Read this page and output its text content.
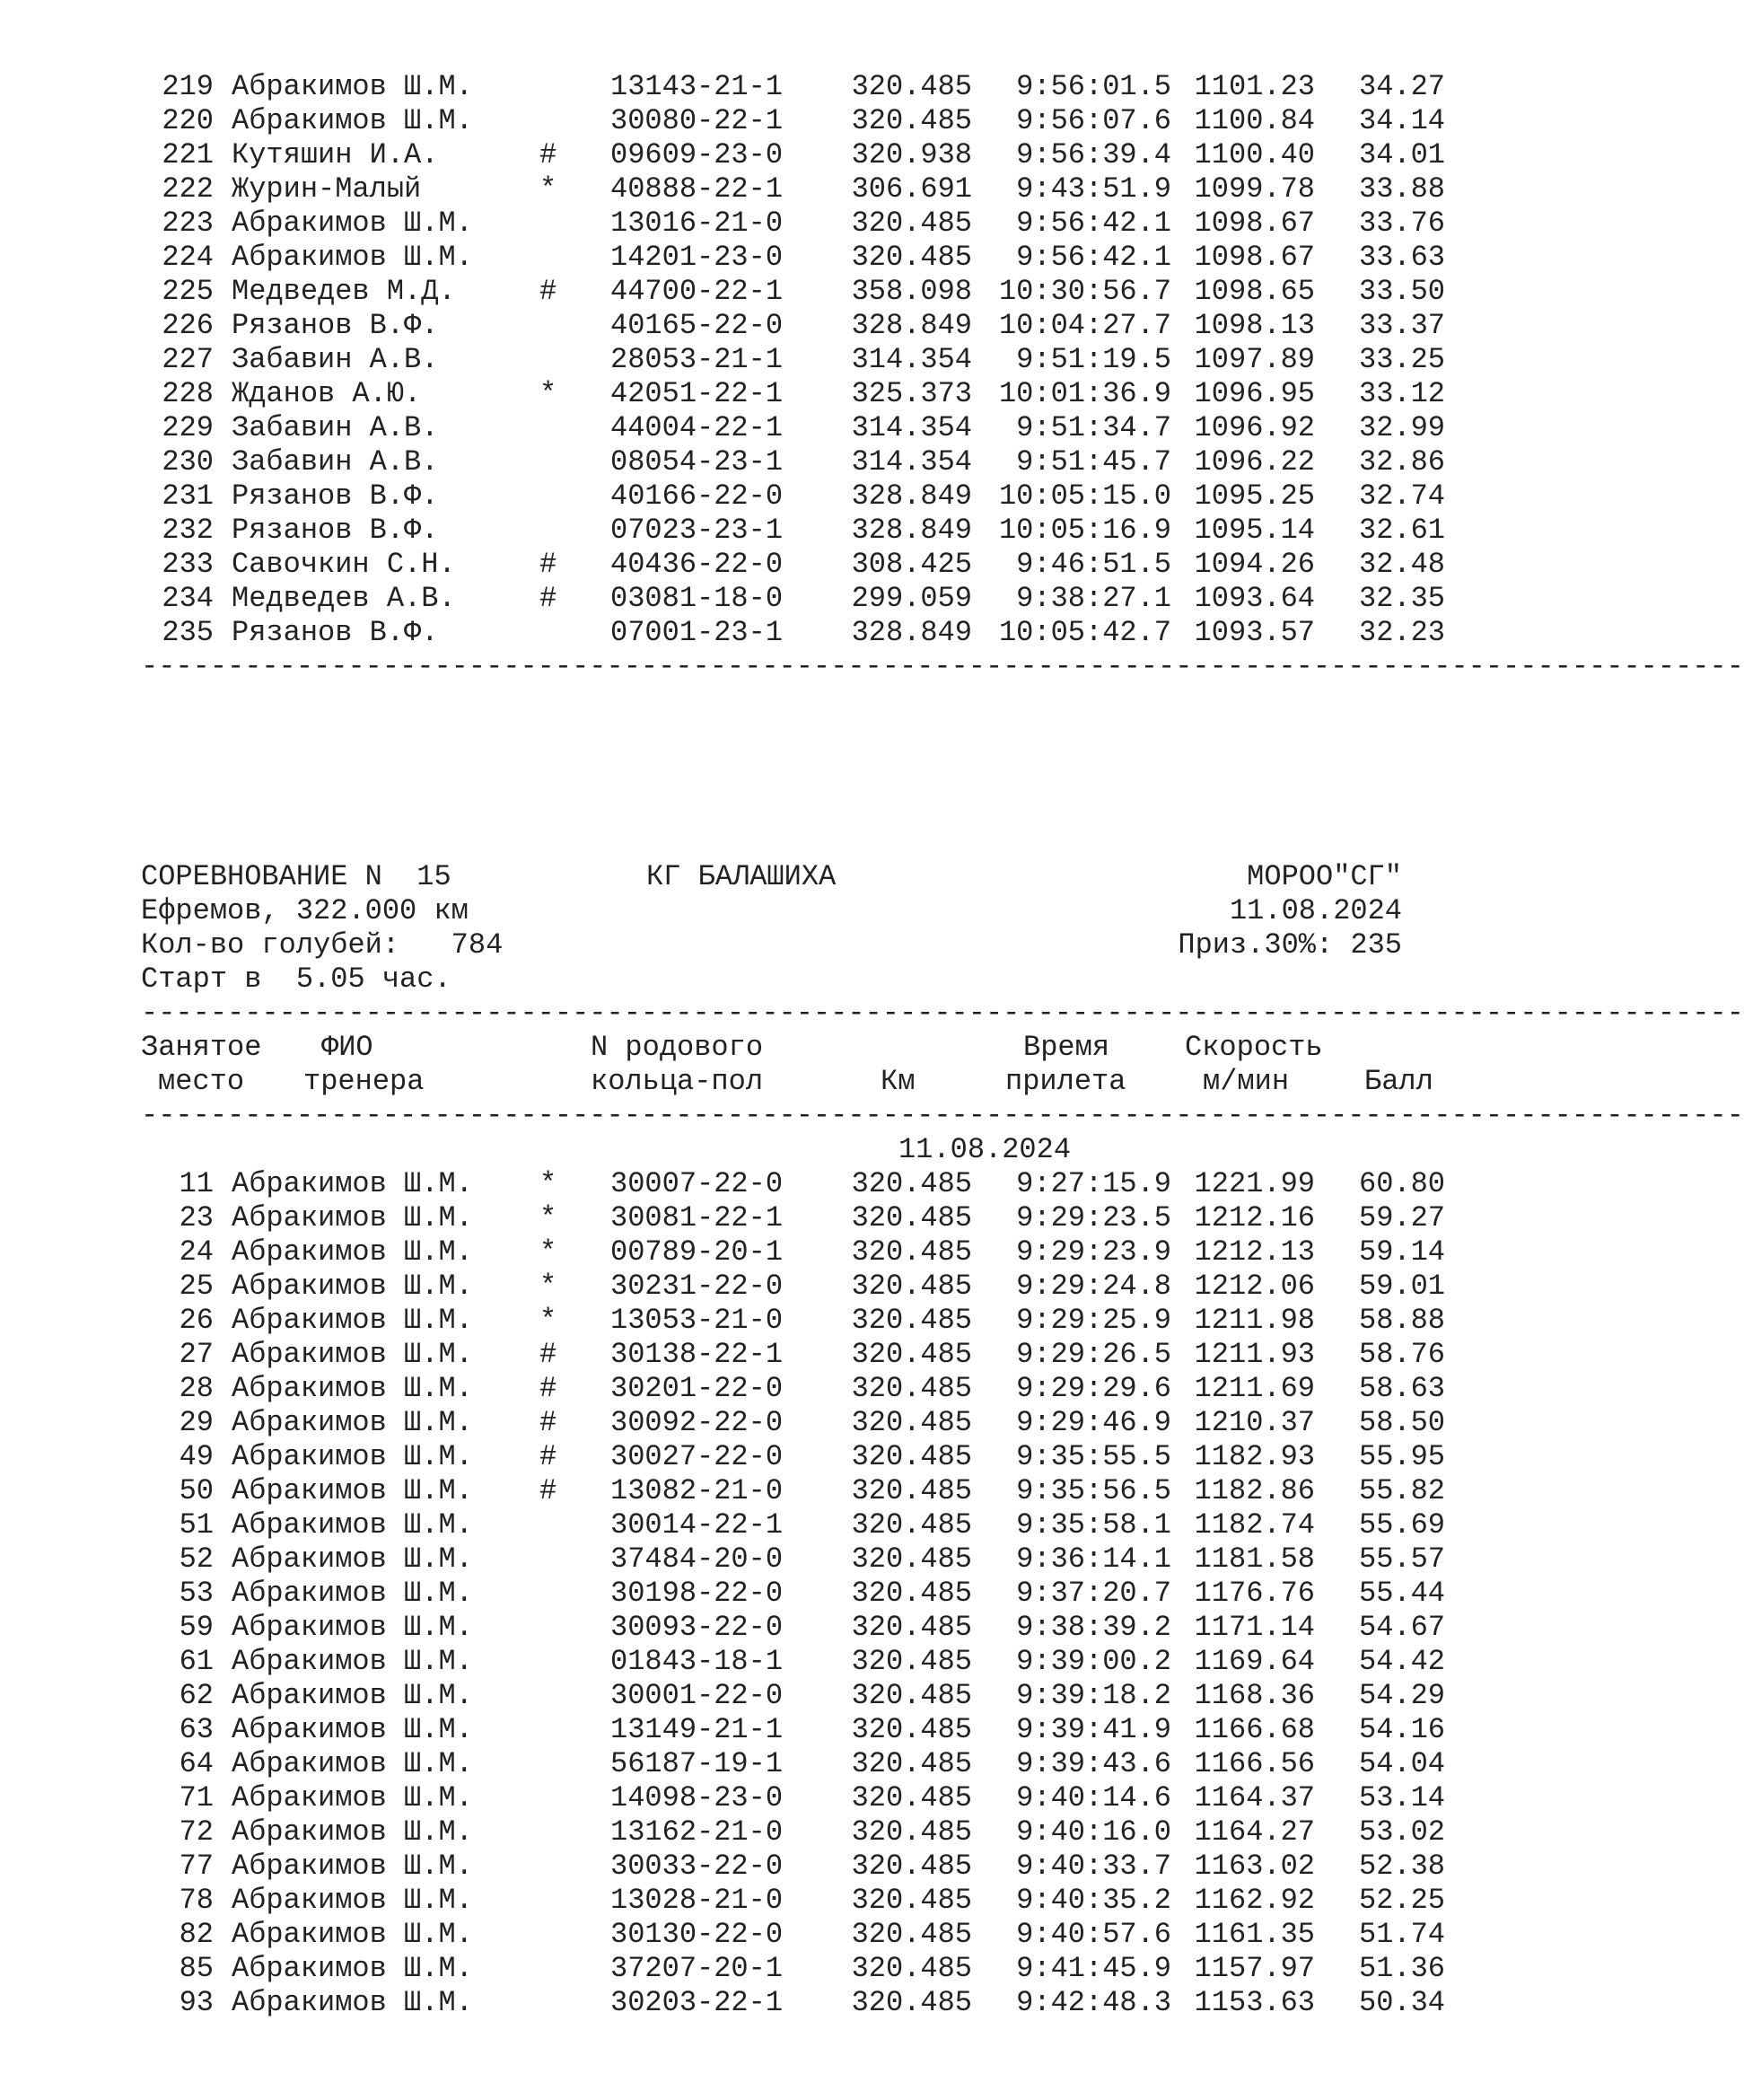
219 Абракимов Ш.М.	13143-21-1 320.485 9:56:01.5 1101.23 34.27
220 Абракимов Ш.М.	30080-22-1 320.485 9:56:07.6 1100.84 34.14
221 Кутяшин И.А.	# 09609-23-0 320.938 9:56:39.4 1100.40 34.01
222 Журин-Малый	* 40888-22-1 306.691 9:43:51.9 1099.78 33.88
223 Абракимов Ш.М.	13016-21-0 320.485 9:56:42.1 1098.67 33.76
224 Абракимов Ш.М.	14201-23-0 320.485 9:56:42.1 1098.67 33.63
225 Медведев М.Д.	# 44700-22-1 358.098 10:30:56.7 1098.65 33.50
226 Рязанов В.Ф.	40165-22-0 328.849 10:04:27.7 1098.13 33.37
227 Забавин А.В.	28053-21-1 314.354 9:51:19.5 1097.89 33.25
228 Жданов А.Ю.	* 42051-22-1 325.373 10:01:36.9 1096.95 33.12
229 Забавин А.В.	44004-22-1 314.354 9:51:34.7 1096.92 32.99
230 Забавин А.В.	08054-23-1 314.354 9:51:45.7 1096.22 32.86
231 Рязанов В.Ф.	40166-22-0 328.849 10:05:15.0 1095.25 32.74
232 Рязанов В.Ф.	07023-23-1 328.849 10:05:16.9 1095.14 32.61
233 Савочкин С.Н.	# 40436-22-0 308.425 9:46:51.5 1094.26 32.48
234 Медведев А.В.	# 03081-18-0 299.059 9:38:27.1 1093.64 32.35
235 Рязанов В.Ф.	07001-23-1 328.849 10:05:42.7 1093.57 32.23
---------------------------------------------------------------------------------------------
СОРЕВНОВАНИЕ N  15	КГ БАЛАШИХА	МОРОО"СГ"
Ефремов, 322.000 км	11.08.2024
Кол-во голубей:   784	Приз.30%: 235
Старт в  5.05 час.
---------------------------------------------------------------------------------------------
Занятое ФИО	N родового	Время	Скорость
место тренера	кольца-пол	Км	прилета	м/мин	Балл
---------------------------------------------------------------------------------------------
11.08.2024
11 Абракимов Ш.М. * 30007-22-0 320.485 9:27:15.9 1221.99 60.80
23 Абракимов Ш.М. * 30081-22-1 320.485 9:29:23.5 1212.16 59.27
24 Абракимов Ш.М. * 00789-20-1 320.485 9:29:23.9 1212.13 59.14
25 Абракимов Ш.М. * 30231-22-0 320.485 9:29:24.8 1212.06 59.01
26 Абракимов Ш.М. * 13053-21-0 320.485 9:29:25.9 1211.98 58.88
27 Абракимов Ш.М. # 30138-22-1 320.485 9:29:26.5 1211.93 58.76
28 Абракимов Ш.М. # 30201-22-0 320.485 9:29:29.6 1211.69 58.63
29 Абракимов Ш.М. # 30092-22-0 320.485 9:29:46.9 1210.37 58.50
49 Абракимов Ш.М. # 30027-22-0 320.485 9:35:55.5 1182.93 55.95
50 Абракимов Ш.М. # 13082-21-0 320.485 9:35:56.5 1182.86 55.82
51 Абракимов Ш.М.	30014-22-1 320.485 9:35:58.1 1182.74 55.69
52 Абракимов Ш.М.	37484-20-0 320.485 9:36:14.1 1181.58 55.57
53 Абракимов Ш.М.	30198-22-0 320.485 9:37:20.7 1176.76 55.44
59 Абракимов Ш.М.	30093-22-0 320.485 9:38:39.2 1171.14 54.67
61 Абракимов Ш.М.	01843-18-1 320.485 9:39:00.2 1169.64 54.42
62 Абракимов Ш.М.	30001-22-0 320.485 9:39:18.2 1168.36 54.29
63 Абракимов Ш.М.	13149-21-1 320.485 9:39:41.9 1166.68 54.16
64 Абракимов Ш.М.	56187-19-1 320.485 9:39:43.6 1166.56 54.04
71 Абракимов Ш.М.	14098-23-0 320.485 9:40:14.6 1164.37 53.14
72 Абракимов Ш.М.	13162-21-0 320.485 9:40:16.0 1164.27 53.02
77 Абракимов Ш.М.	30033-22-0 320.485 9:40:33.7 1163.02 52.38
78 Абракимов Ш.М.	13028-21-0 320.485 9:40:35.2 1162.92 52.25
82 Абракимов Ш.М.	30130-22-0 320.485 9:40:57.6 1161.35 51.74
85 Абракимов Ш.М.	37207-20-1 320.485 9:41:45.9 1157.97 51.36
93 Абракимов Ш.М.	30203-22-1 320.485 9:42:48.3 1153.63 50.34
